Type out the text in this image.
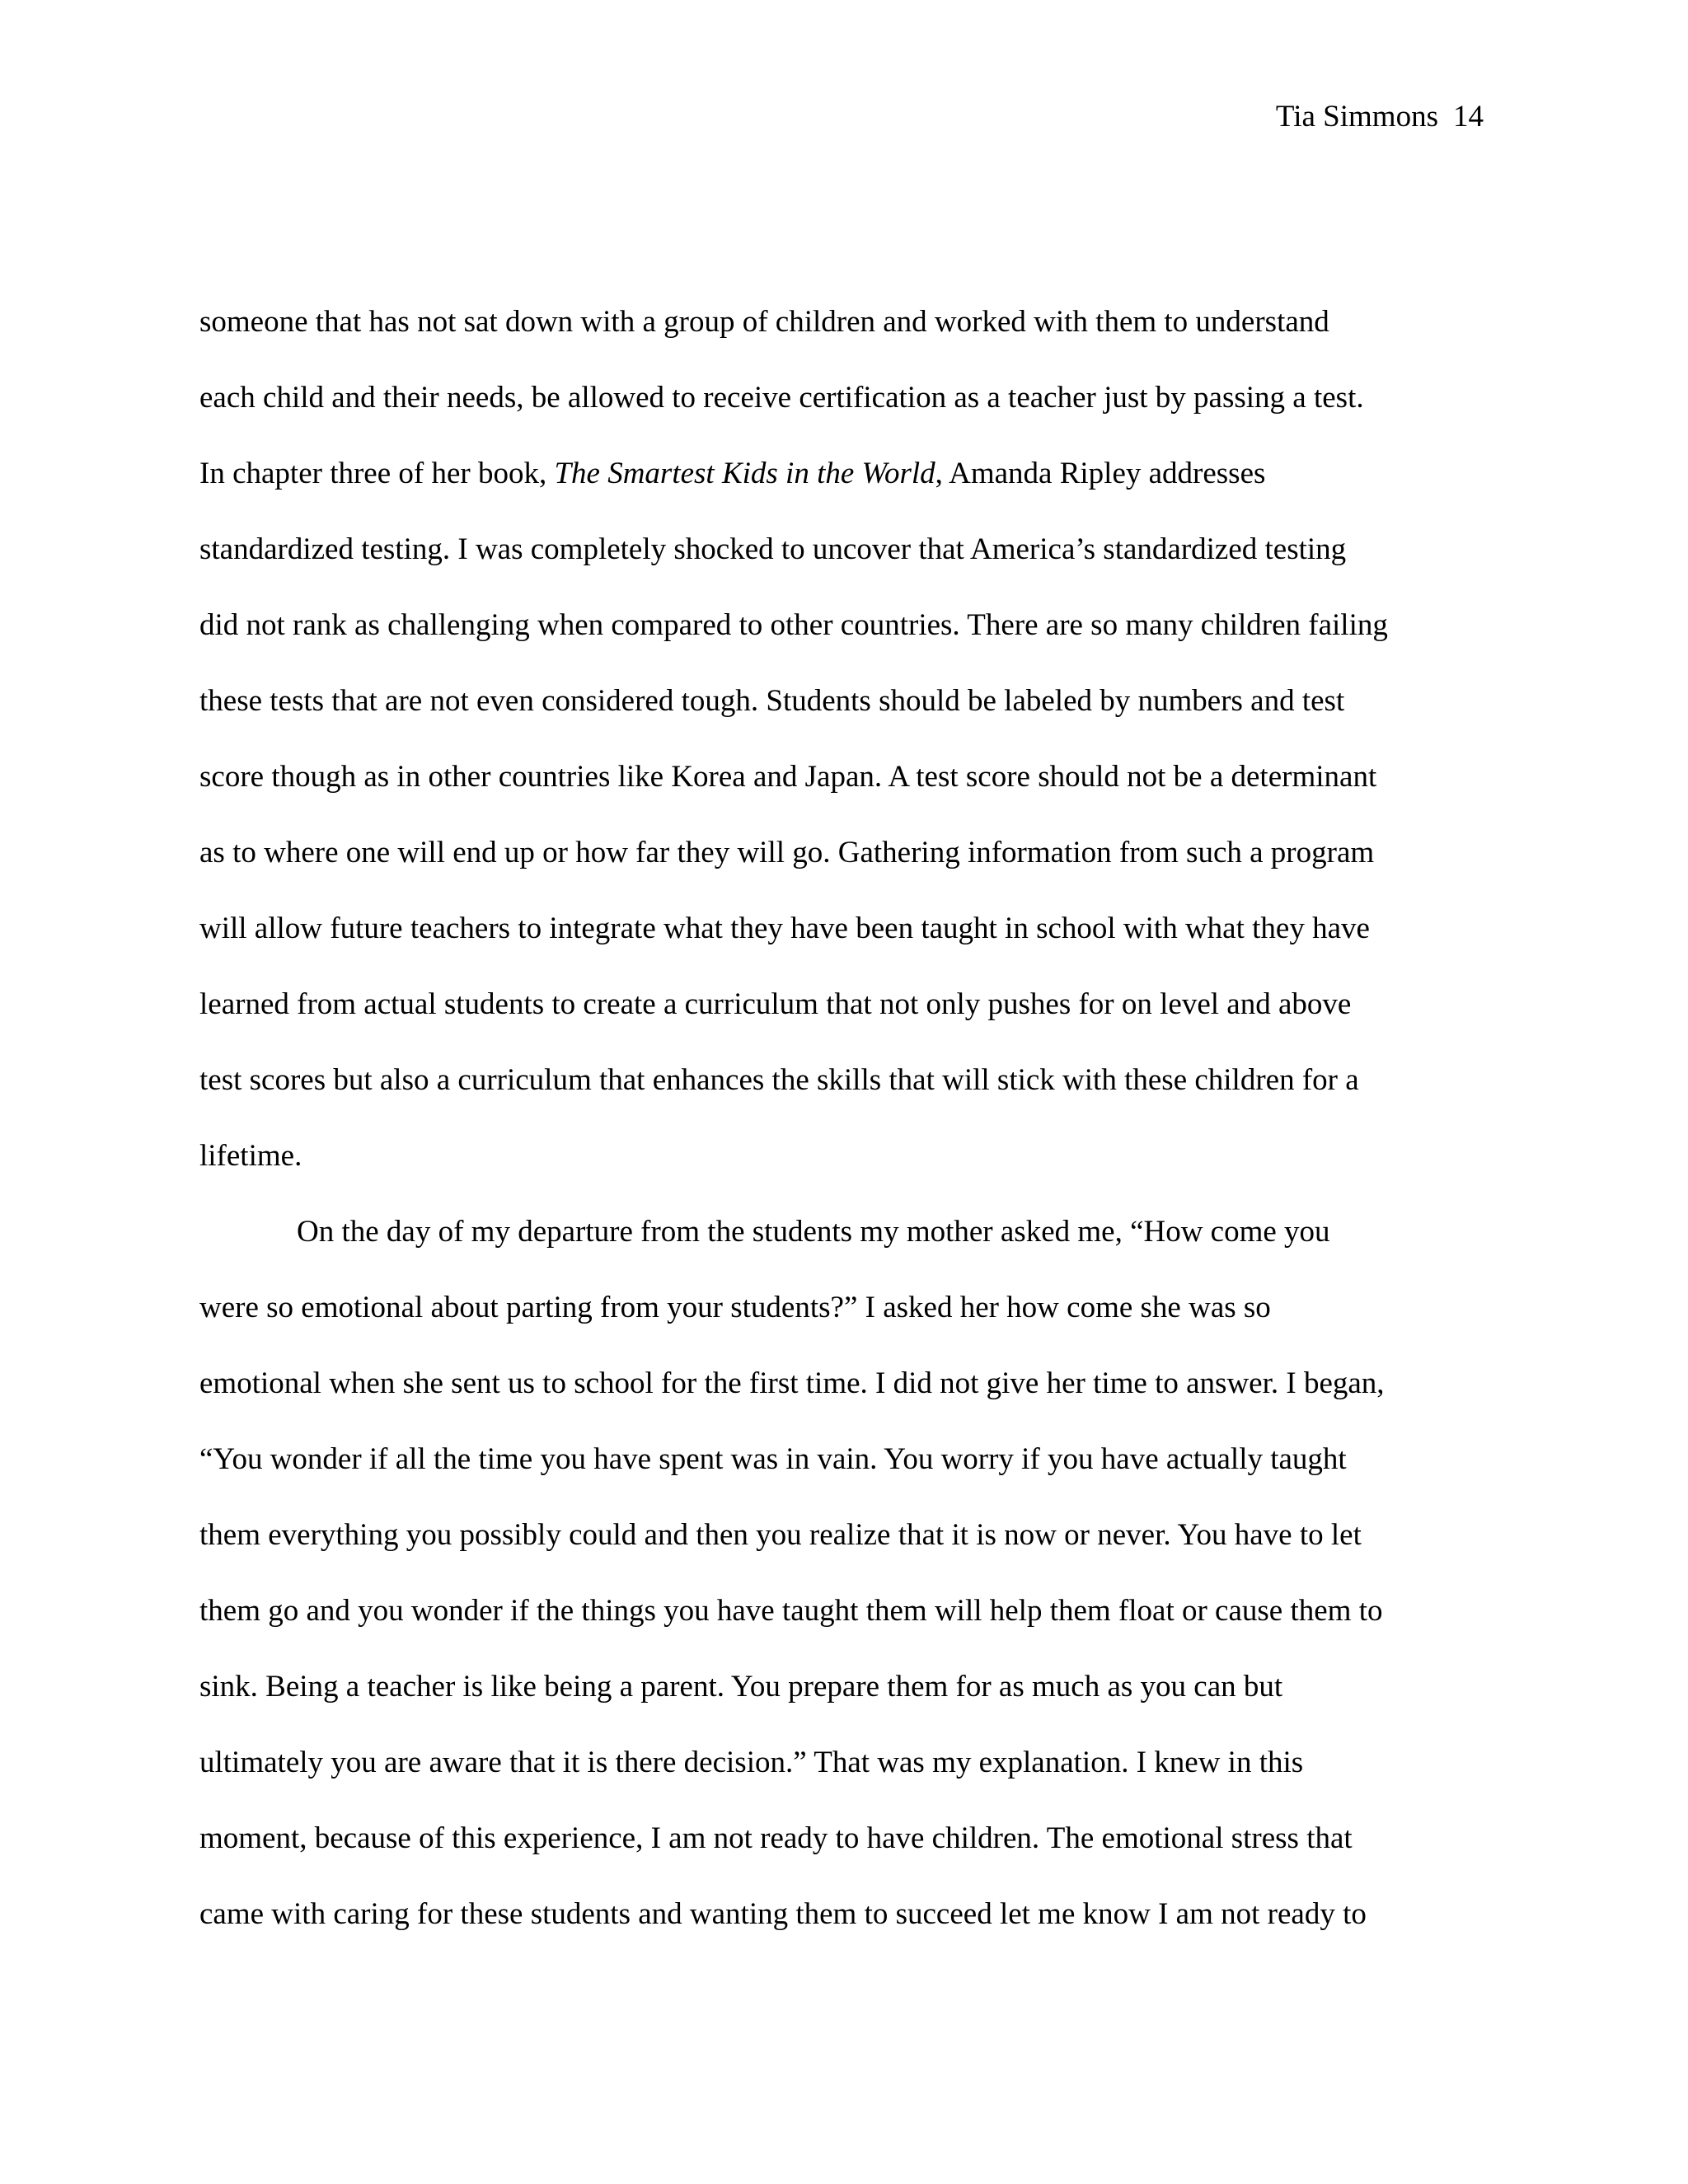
Tia Simmons 14
someone that has not sat down with a group of children and worked with them to understand
each child and their needs, be allowed to receive certification as a teacher just by passing a test.
In chapter three of her book, The Smartest Kids in the World, Amanda Ripley addresses
standardized testing. I was completely shocked to uncover that America’s standardized testing
did not rank as challenging when compared to other countries. There are so many children failing
these tests that are not even considered tough. Students should be labeled by numbers and test
score though as in other countries like Korea and Japan. A test score should not be a determinant
as to where one will end up or how far they will go. Gathering information from such a program
will allow future teachers to integrate what they have been taught in school with what they have
learned from actual students to create a curriculum that not only pushes for on level and above
test scores but also a curriculum that enhances the skills that will stick with these children for a
lifetime.
On the day of my departure from the students my mother asked me, “How come you
were so emotional about parting from your students?” I asked her how come she was so
emotional when she sent us to school for the first time. I did not give her time to answer. I began,
“You wonder if all the time you have spent was in vain. You worry if you have actually taught
them everything you possibly could and then you realize that it is now or never. You have to let
them go and you wonder if the things you have taught them will help them float or cause them to
sink. Being a teacher is like being a parent. You prepare them for as much as you can but
ultimately you are aware that it is there decision.” That was my explanation. I knew in this
moment, because of this experience, I am not ready to have children. The emotional stress that
came with caring for these students and wanting them to succeed let me know I am not ready to
